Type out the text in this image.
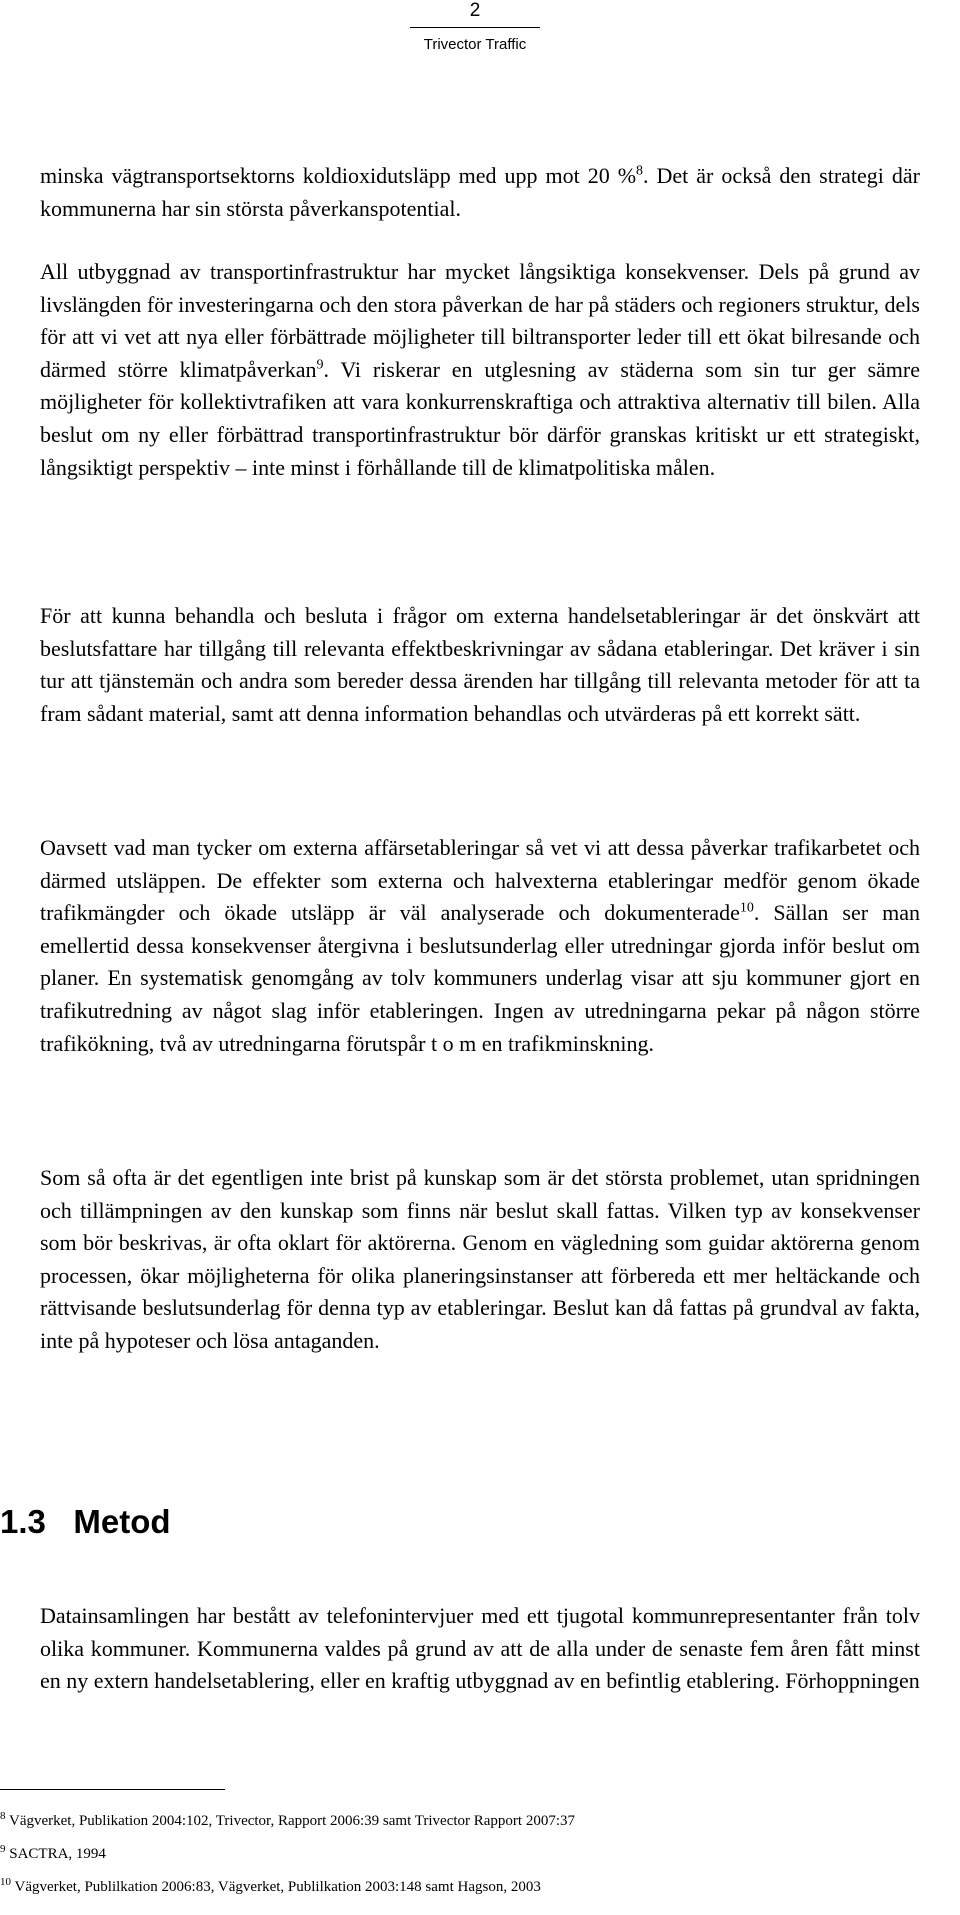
2
Trivector Traffic

minska vägtransportsektorns koldioxidutsläpp med upp mot 20 %$^8$. Det är också den strategi där kommunerna har sin största påverkanspotential.

All utbyggnad av transportinfrastruktur har mycket långsiktiga konsekvenser. Dels på grund av livslängden för investeringarna och den stora påverkan de har på städers och regioners struktur, dels för att vi vet att nya eller förbättrade möjligheter till biltransporter leder till ett ökat bilresande och därmed större klimatpåverkan$^9$. Vi riskerar en utglesning av städerna som sin tur ger sämre möjligheter för kollektivtrafiken att vara konkurrenskraftiga och attraktiva alternativ till bilen. Alla beslut om ny eller förbättrad transportinfrastruktur bör därför granskas kritiskt ur ett strategiskt, långsiktigt perspektiv – inte minst i förhållande till de klimatpolitiska målen.

För att kunna behandla och besluta i frågor om externa handelsetableringar är det önskvärt att beslutsfattare har tillgång till relevanta effektbeskrivningar av sådana etableringar. Det kräver i sin tur att tjänstemän och andra som bereder dessa ärenden har tillgång till relevanta metoder för att ta fram sådant material, samt att denna information behandlas och utvärderas på ett korrekt sätt.

Oavsett vad man tycker om externa affärsetableringar så vet vi att dessa påverkar trafikarbetet och därmed utsläppen. De effekter som externa och halvexterna etableringar medför genom ökade trafikmängder och ökade utsläpp är väl analyserade och dokumenterade$^{10}$. Sällan ser man emellertid dessa konsekvenser återgivna i beslutsunderlag eller utredningar gjorda inför beslut om planer. En systematisk genomgång av tolv kommuners underlag visar att sju kommuner gjort en trafikutredning av något slag inför etableringen. Ingen av utredningarna pekar på någon större trafikökning, två av utredningarna förutspår t o m en trafikminskning.

Som så ofta är det egentligen inte brist på kunskap som är det största problemet, utan spridningen och tillämpningen av den kunskap som finns när beslut skall fattas. Vilken typ av konsekvenser som bör beskrivas, är ofta oklart för aktörerna. Genom en vägledning som guidar aktörerna genom processen, ökar möjligheterna för olika planeringsinstanser att förbereda ett mer heltäckande och rättvisande beslutsunderlag för denna typ av etableringar. Beslut kan då fattas på grundval av fakta, inte på hypoteser och lösa antaganden.

1.3 Metod

Datainsamlingen har bestått av telefonintervjuer med ett tjugotal kommunrepresentanter från tolv olika kommuner. Kommunerna valdes på grund av att de alla under de senaste fem åren fått minst en ny extern handelsetablering, eller en kraftig utbyggnad av en befintlig etablering. Förhoppningen

$^8$ Vägverket, Publikation 2004:102, Trivector, Rapport 2006:39 samt Trivector Rapport 2007:37
$^9$ SACTRA, 1994
$^{10}$ Vägverket, Publilkation 2006:83, Vägverket, Publilkation 2003:148 samt Hagson, 2003
